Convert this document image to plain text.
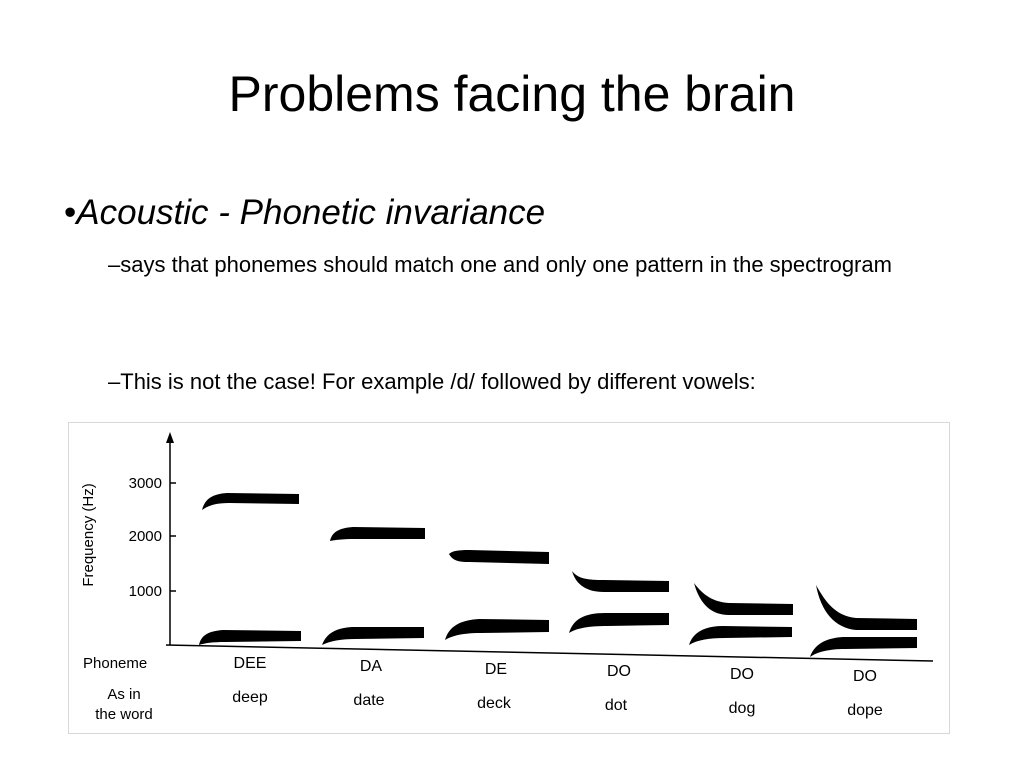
Problems facing the brain
•Acoustic - Phonetic invariance
–says that phonemes should match one and only one pattern in the spectrogram
–This is not the case! For example /d/ followed by different vowels:
3000
2000
1000
Frequency (Hz)
Phoneme
As in
the word
DEE
deep
DA
date
DE
deck
DO
dot
DO
dog
DO
dope
